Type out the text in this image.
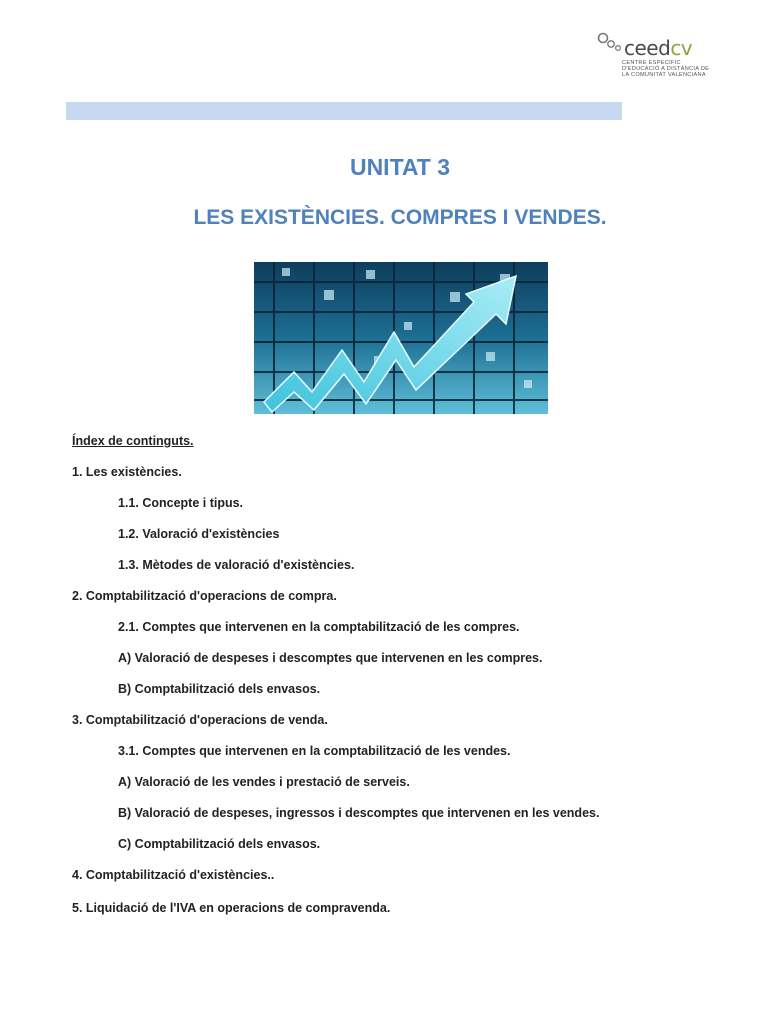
ceedcv
CENTRE ESPECÍFIC
D'EDUCACIÓ A DISTÀNCIA DE
LA COMUNITAT VALENCIANA
UNITAT 3
LES EXISTÈNCIES. COMPRES I VENDES.
Índex de continguts.
1. Les existències.
1.1. Concepte i tipus.
1.2. Valoració d'existències
1.3. Mètodes de valoració d'existències.
2. Comptabilització d'operacions de compra.
2.1. Comptes que intervenen en la comptabilització de les compres.
A) Valoració de despeses i descomptes que intervenen en les compres.
B) Comptabilització dels envasos.
3. Comptabilització d'operacions de venda.
3.1. Comptes que intervenen en la comptabilització de les vendes.
A) Valoració de les vendes i prestació de serveis.
B) Valoració de despeses, ingressos i descomptes que intervenen en les vendes.
C) Comptabilització dels envasos.
4. Comptabilització d'existències..
5. Liquidació de l'IVA en operacions de compravenda.
